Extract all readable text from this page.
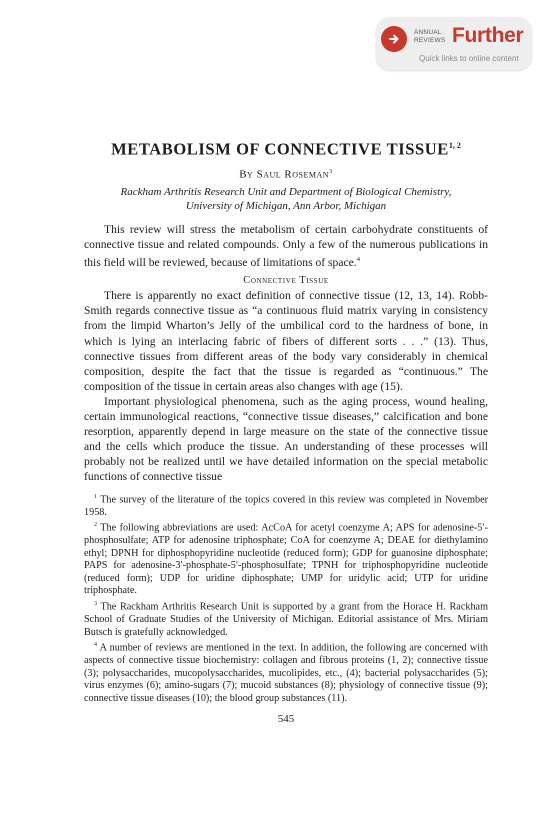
ANNUAL
REVIEWS Further
Quick links to online content
METABOLISM OF CONNECTIVE TISSUE$^{1, 2}$
By Saul Roseman$^3$
Rackham Arthritis Research Unit and Department of Biological Chemistry,
University of Michigan, Ann Arbor, Michigan

This review will stress the metabolism of certain carbohydrate constituents of connective tissue and related compounds. Only a few of the numerous publications in this field will be reviewed, because of limitations of space.$^4$

Connective Tissue

There is apparently no exact definition of connective tissue (12, 13, 14). Robb-Smith regards connective tissue as “a continuous fluid matrix varying in consistency from the limpid Wharton’s Jelly of the umbilical cord to the hardness of bone, in which is lying an interlacing fabric of fibers of different sorts . . .” (13). Thus, connective tissues from different areas of the body vary considerably in chemical composition, despite the fact that the tissue is regarded as “continuous.” The composition of the tissue in certain areas also changes with age (15).

Important physiological phenomena, such as the aging process, wound healing, certain immunological reactions, “connective tissue diseases,” calcification and bone resorption, apparently depend in large measure on the state of the connective tissue and the cells which produce the tissue. An understanding of these processes will probably not be realized until we have detailed information on the special metabolic functions of connective tissue

$^1$ The survey of the literature of the topics covered in this review was completed in November 1958.

$^2$ The following abbreviations are used: AcCoA for acetyl coenzyme A; APS for adenosine-5′-phosphosulfate; ATP for adenosine triphosphate; CoA for coenzyme A; DEAE for diethylamino ethyl; DPNH for diphosphopyridine nucleotide (reduced form); GDP for guanosine diphosphate; PAPS for adenosine-3′-phosphate-5′-phosphosulfate; TPNH for triphosphopyridine nucleotide (reduced form); UDP for uridine diphosphate; UMP for uridylic acid; UTP for uridine triphosphate.

$^3$ The Rackham Arthritis Research Unit is supported by a grant from the Horace H. Rackham School of Graduate Studies of the University of Michigan. Editorial assistance of Mrs. Miriam Butsch is gratefully acknowledged.

$^4$ A number of reviews are mentioned in the text. In addition, the following are concerned with aspects of connective tissue biochemistry: collagen and fibrous proteins (1, 2); connective tissue (3); polysaccharides, mucopolysaccharides, mucolipides, etc., (4); bacterial polysaccharides (5); virus enzymes (6); amino-sugars (7); mucoid substances (8); physiology of connective tissue (9); connective tissue diseases (10); the blood group substances (11).

545
